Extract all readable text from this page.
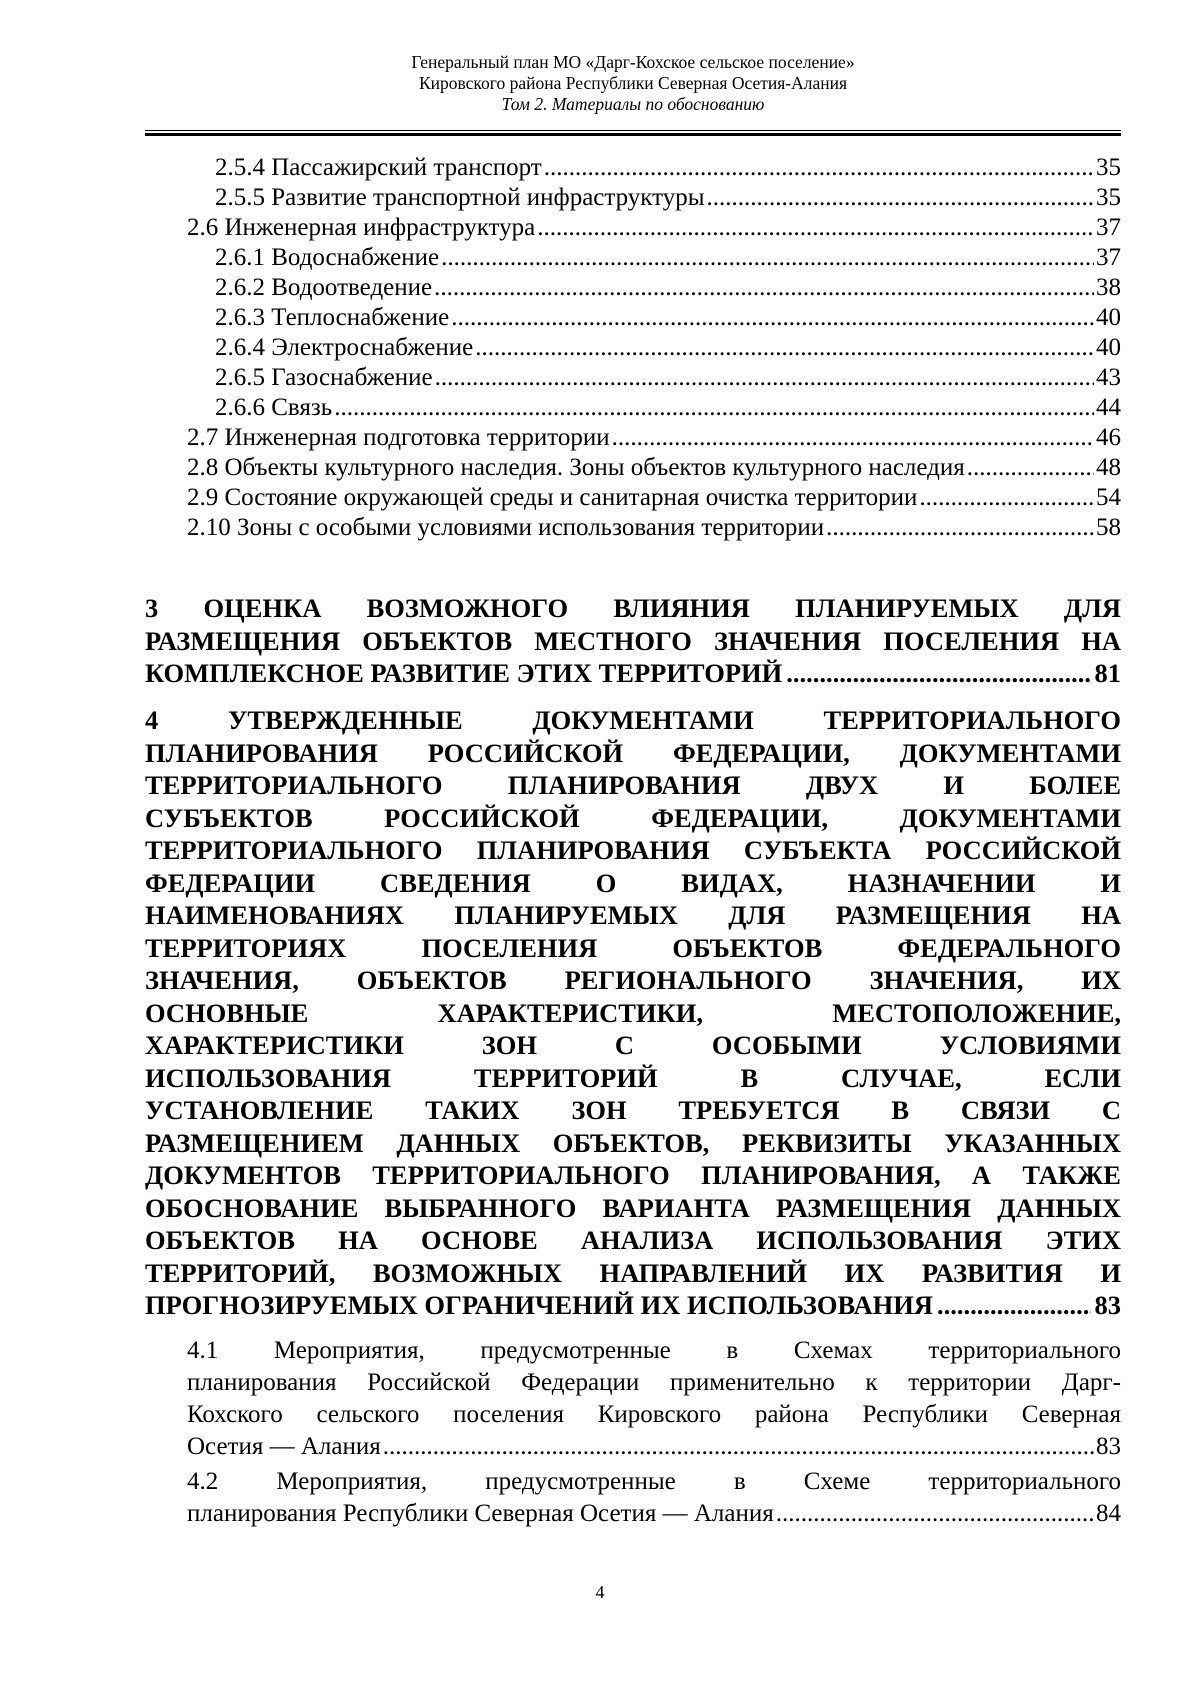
Генеральный план МО «Дарг-Кохское сельское поселение»
Кировского района Республики Северная Осетия-Алания
Том 2. Материалы по обоснованию
2.5.4 Пассажирский транспорт .....	35
2.5.5 Развитие транспортной инфраструктуры .....	35
2.6 Инженерная инфраструктура .....	37
2.6.1 Водоснабжение .....	37
2.6.2 Водоотведение .....	38
2.6.3 Теплоснабжение .....	40
2.6.4 Электроснабжение .....	40
2.6.5 Газоснабжение .....	43
2.6.6 Связь .....	44
2.7 Инженерная подготовка территории .....	46
2.8 Объекты культурного наследия. Зоны объектов культурного наследия .....	48
2.9 Состояние окружающей среды и санитарная очистка территории .....	54
2.10 Зоны с особыми условиями использования территории .....	58
3 ОЦЕНКА ВОЗМОЖНОГО ВЛИЯНИЯ ПЛАНИРУЕМЫХ ДЛЯ
РАЗМЕЩЕНИЯ ОБЪЕКТОВ МЕСТНОГО ЗНАЧЕНИЯ ПОСЕЛЕНИЯ НА
КОМПЛЕКСНОЕ РАЗВИТИЕ ЭТИХ ТЕРРИТОРИЙ .....	81
4 УТВЕРЖДЕННЫЕ ДОКУМЕНТАМИ ТЕРРИТОРИАЛЬНОГО
ПЛАНИРОВАНИЯ РОССИЙСКОЙ ФЕДЕРАЦИИ, ДОКУМЕНТАМИ
ТЕРРИТОРИАЛЬНОГО ПЛАНИРОВАНИЯ ДВУХ И БОЛЕЕ
СУБЪЕКТОВ РОССИЙСКОЙ ФЕДЕРАЦИИ, ДОКУМЕНТАМИ
ТЕРРИТОРИАЛЬНОГО ПЛАНИРОВАНИЯ СУБЪЕКТА РОССИЙСКОЙ
ФЕДЕРАЦИИ СВЕДЕНИЯ О ВИДАХ, НАЗНАЧЕНИИ И
НАИМЕНОВАНИЯХ ПЛАНИРУЕМЫХ ДЛЯ РАЗМЕЩЕНИЯ НА
ТЕРРИТОРИЯХ ПОСЕЛЕНИЯ ОБЪЕКТОВ ФЕДЕРАЛЬНОГО
ЗНАЧЕНИЯ, ОБЪЕКТОВ РЕГИОНАЛЬНОГО ЗНАЧЕНИЯ, ИХ
ОСНОВНЫЕ ХАРАКТЕРИСТИКИ, МЕСТОПОЛОЖЕНИЕ,
ХАРАКТЕРИСТИКИ ЗОН С ОСОБЫМИ УСЛОВИЯМИ
ИСПОЛЬЗОВАНИЯ ТЕРРИТОРИЙ В СЛУЧАЕ, ЕСЛИ
УСТАНОВЛЕНИЕ ТАКИХ ЗОН ТРЕБУЕТСЯ В СВЯЗИ С
РАЗМЕЩЕНИЕМ ДАННЫХ ОБЪЕКТОВ, РЕКВИЗИТЫ УКАЗАННЫХ
ДОКУМЕНТОВ ТЕРРИТОРИАЛЬНОГО ПЛАНИРОВАНИЯ, А ТАКЖЕ
ОБОСНОВАНИЕ ВЫБРАННОГО ВАРИАНТА РАЗМЕЩЕНИЯ ДАННЫХ
ОБЪЕКТОВ НА ОСНОВЕ АНАЛИЗА ИСПОЛЬЗОВАНИЯ ЭТИХ
ТЕРРИТОРИЙ, ВОЗМОЖНЫХ НАПРАВЛЕНИЙ ИХ РАЗВИТИЯ И
ПРОГНОЗИРУЕМЫХ ОГРАНИЧЕНИЙ ИХ ИСПОЛЬЗОВАНИЯ .....	83
4.1 Мероприятия, предусмотренные в Схемах территориального
планирования Российской Федерации применительно к территории Дарг-
Кохского сельского поселения Кировского района Республики Северная
Осетия — Алания .....	83
4.2 Мероприятия, предусмотренные в Схеме территориального
планирования Республики Северная Осетия — Алания .....	84
4
